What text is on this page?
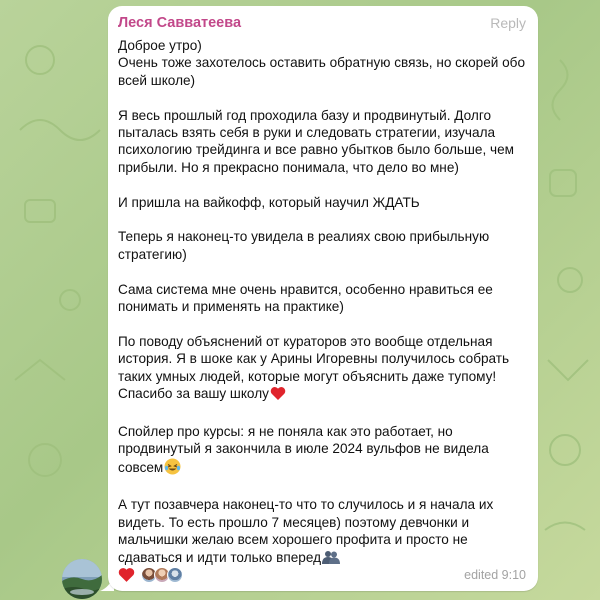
Леся Савватеева	Reply

Доброе утро)
Очень тоже захотелось оставить обратную связь, но скорей обо всей школе)

Я весь прошлый год проходила базу и продвинутый. Долго пыталась взять себя в руки и следовать стратегии, изучала психологию трейдинга и все равно убытков было больше, чем прибыли. Но я прекрасно понимала, что дело во мне)

И пришла на вайкофф, который научил ЖДАТЬ

Теперь я наконец-то увидела в реалиях свою прибыльную стратегию)

Сама система мне очень нравится, особенно нравиться ее понимать и применять на практике)

По поводу объяснений от кураторов это вообще отдельная история. Я в шоке как у Арины Игоревны получилось собрать таких умных людей, которые могут объяснить даже тупому! Спасибо за вашу школу

Спойлер про курсы: я не поняла как это работает, но продвинутый я закончила в июле 2024 вульфов не видела совсем

А тут позавчера наконец-то что то случилось и я начала их видеть. То есть прошло 7 месяцев) поэтому девчонки и мальчишки желаю всем хорошего профита и просто не сдаваться и идти только вперед

edited 9:10
